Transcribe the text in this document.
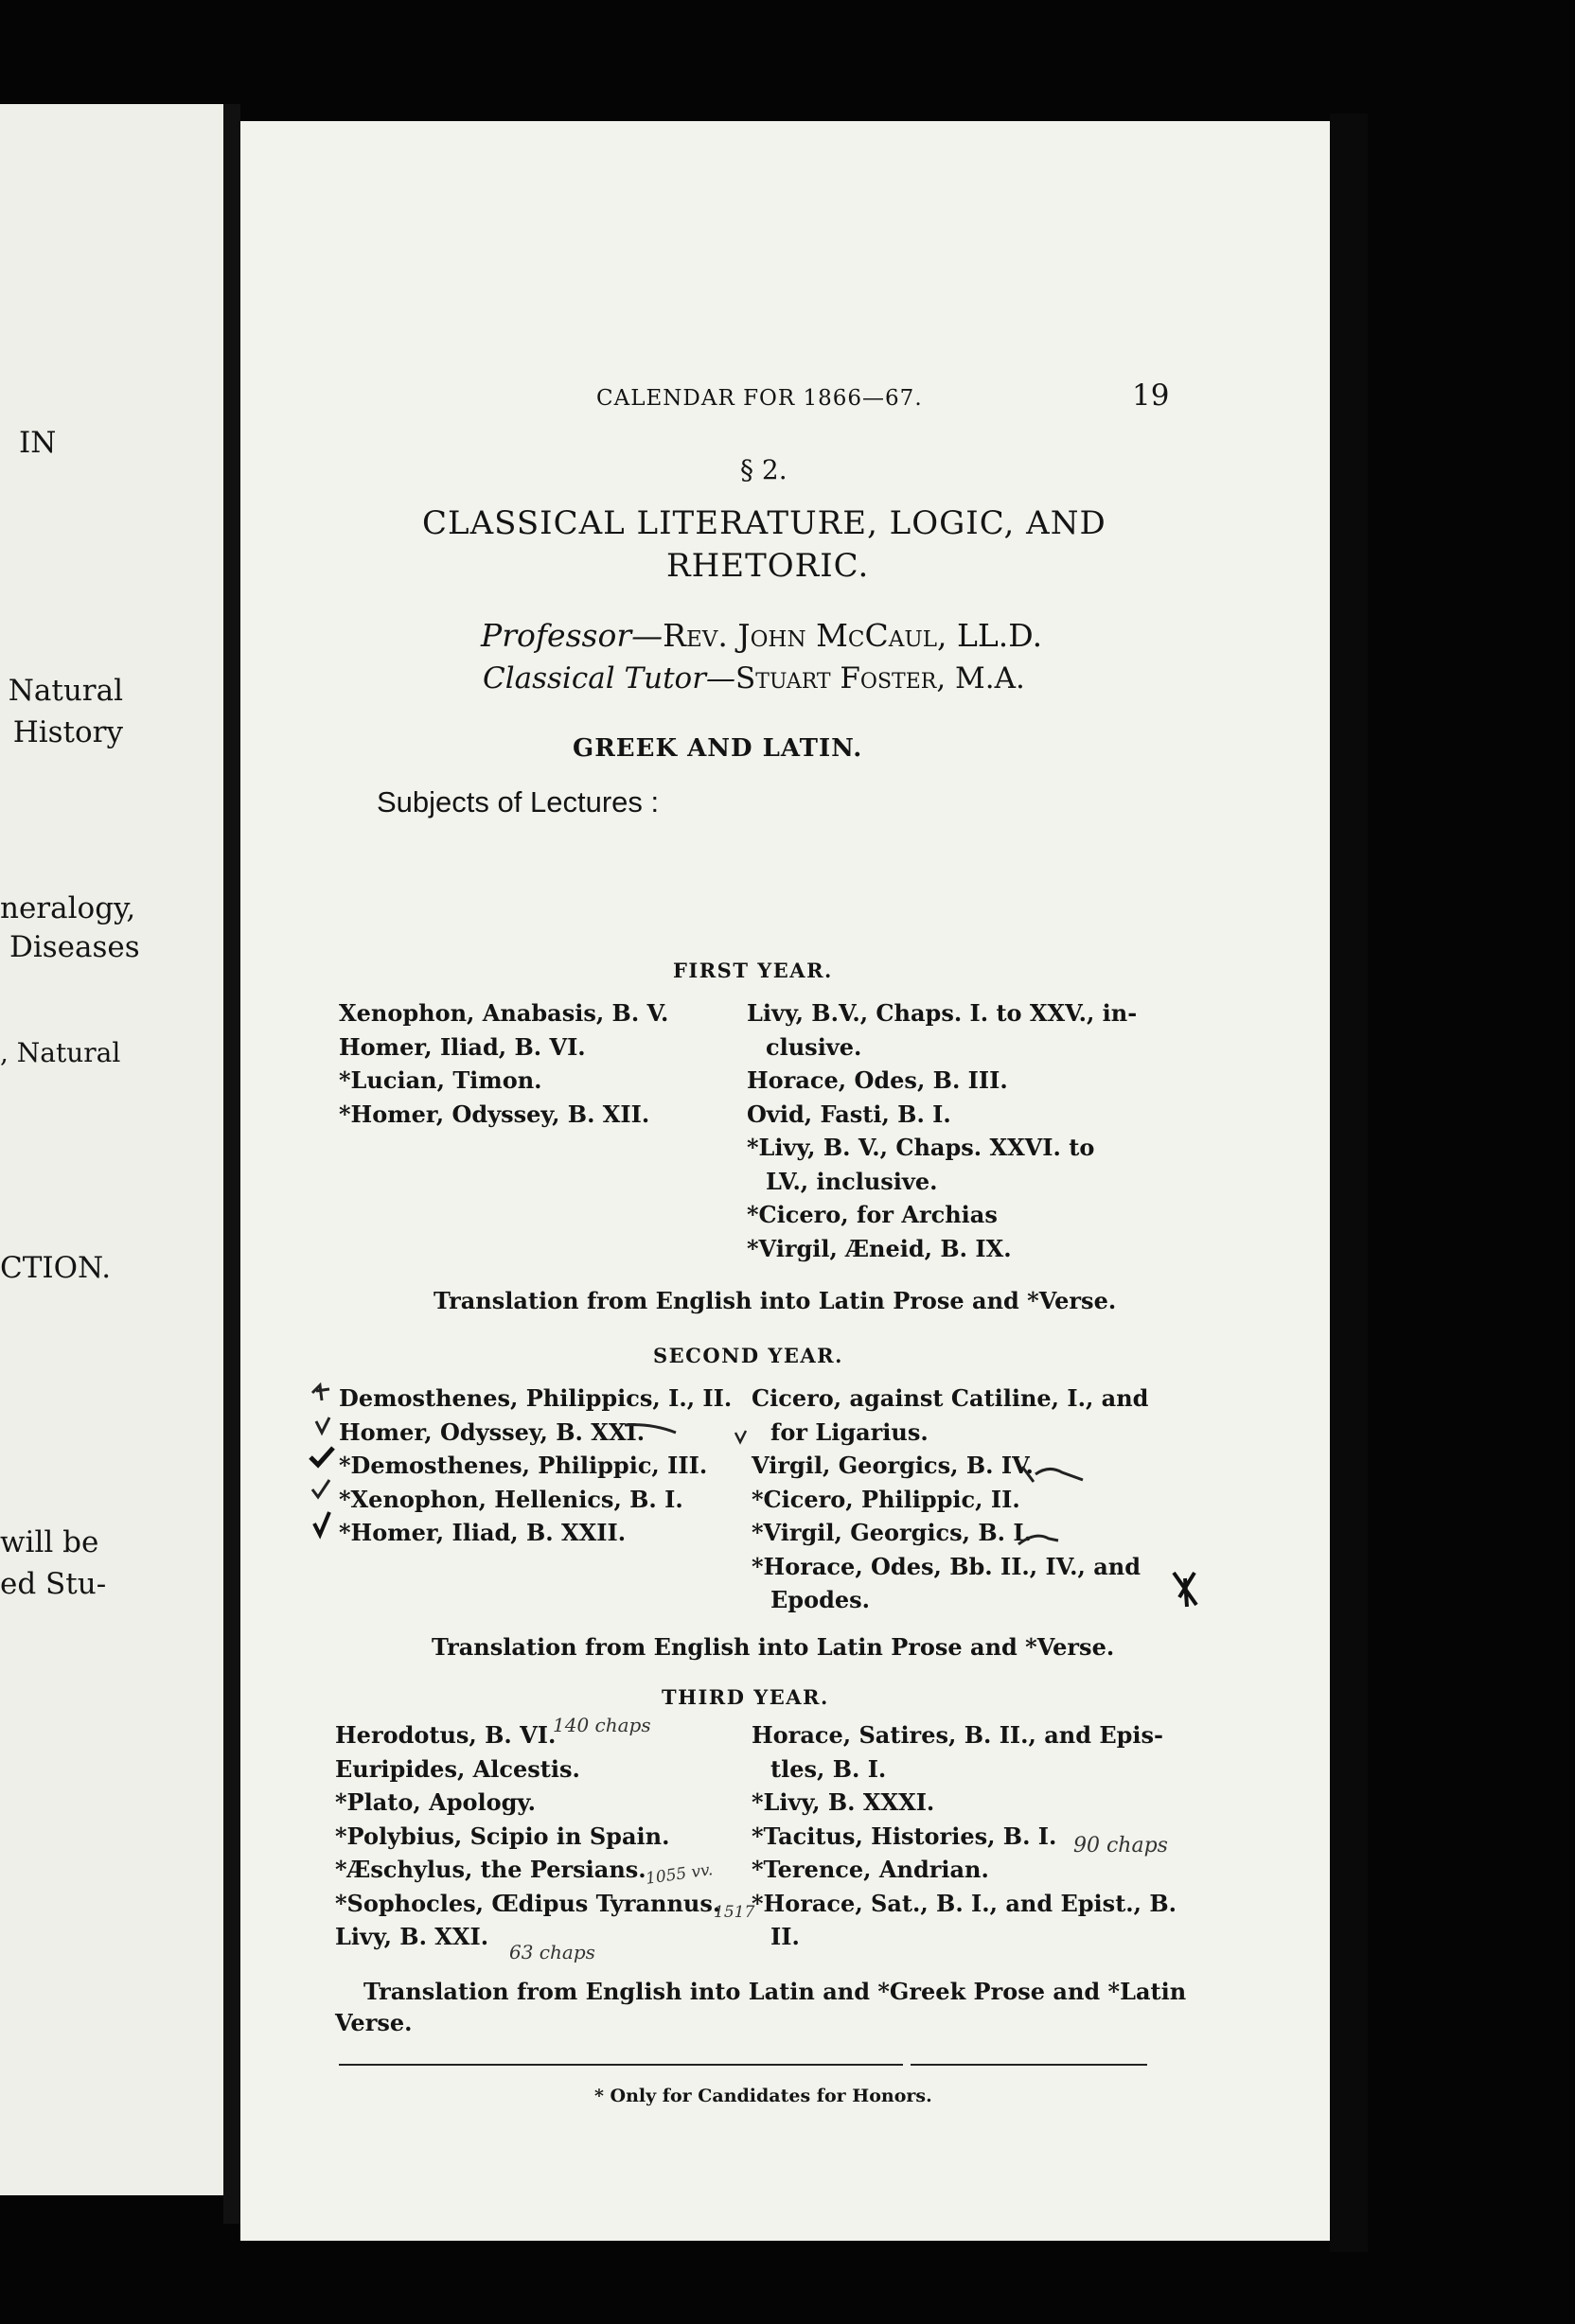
IN
Natural
History
neralogy,
Diseases
, Natural
CTION.
will be
ed Stu-
CALENDAR FOR 1866—67.	19
§ 2.
CLASSICAL LITERATURE, LOGIC, AND
RHETORIC.
Professor—Rev. John McCaul, LL.D.
Classical Tutor—Stuart Foster, M.A.
GREEK AND LATIN.
Subjects of Lectures :
FIRST YEAR.
Xenophon, Anabasis, B. V.
Homer, Iliad, B. VI.
*Lucian, Timon.
*Homer, Odyssey, B. XII.
Livy, B.V., Chaps. I. to XXV., in-
clusive.
Horace, Odes, B. III.
Ovid, Fasti, B. I.
*Livy, B. V., Chaps. XXVI. to
LV., inclusive.
*Cicero, for Archias
*Virgil, Æneid, B. IX.
Translation from English into Latin Prose and *Verse.
SECOND YEAR.
Demosthenes, Philippics, I., II.
Homer, Odyssey, B. XXI.
*Demosthenes, Philippic, III.
*Xenophon, Hellenics, B. I.
*Homer, Iliad, B. XXII.
Cicero, against Catiline, I., and
for Ligarius.
Virgil, Georgics, B. IV.
*Cicero, Philippic, II.
*Virgil, Georgics, B. I.
*Horace, Odes, Bb. II., IV., and
Epodes.
Translation from English into Latin Prose and *Verse.
THIRD YEAR.
Herodotus, B. VI.
Euripides, Alcestis.
*Plato, Apology.
*Polybius, Scipio in Spain.
*Æschylus, the Persians.
*Sophocles, Œdipus Tyrannus.
Livy, B. XXI.
Horace, Satires, B. II., and Epis-
tles, B. I.
*Livy, B. XXXI.
*Tacitus, Histories, B. I.
*Terence, Andrian.
*Horace, Sat., B. I., and Epist., B.
II.
Translation from English into Latin and *Greek Prose and *Latin
Verse.
140 chaps
90 chaps
1055 vv.
1517
63 chaps
* Only for Candidates for Honors.
